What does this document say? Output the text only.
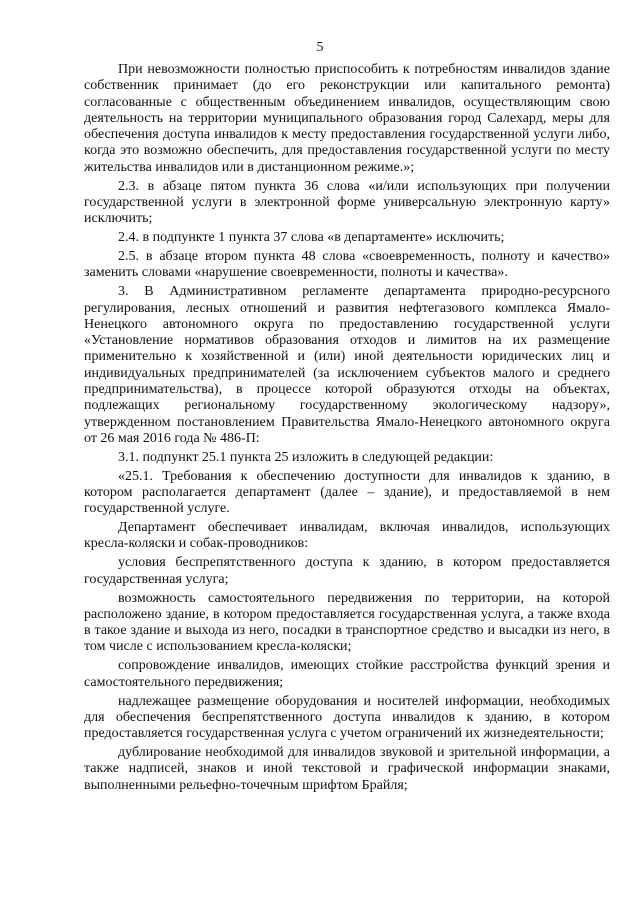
5

При невозможности полностью приспособить к потребностям инвалидов здание собственник принимает (до его реконструкции или капитального ремонта) согласованные с общественным объединением инвалидов, осуществляющим свою деятельность на территории муниципального образования город Салехард, меры для обеспечения доступа инвалидов к месту предоставления государственной услуги либо, когда это возможно обеспечить, для предоставления государственной услуги по месту жительства инвалидов или в дистанционном режиме.»;

2.3. в абзаце пятом пункта 36 слова «и/или использующих при получении государственной услуги в электронной форме универсальную электронную карту» исключить;

2.4. в подпункте 1 пункта 37 слова «в департаменте» исключить;

2.5. в абзаце втором пункта 48 слова «своевременность, полноту и качество» заменить словами «нарушение своевременности, полноты и качества».

3. В Административном регламенте департамента природно-ресурсного регулирования, лесных отношений и развития нефтегазового комплекса Ямало-Ненецкого автономного округа по предоставлению государственной услуги «Установление нормативов образования отходов и лимитов на их размещение применительно к хозяйственной и (или) иной деятельности юридических лиц и индивидуальных предпринимателей (за исключением субъектов малого и среднего предпринимательства), в процессе которой образуются отходы на объектах, подлежащих региональному государственному экологическому надзору», утвержденном постановлением Правительства Ямало-Ненецкого автономного округа от 26 мая 2016 года № 486-П:

3.1. подпункт 25.1 пункта 25 изложить в следующей редакции:

«25.1. Требования к обеспечению доступности для инвалидов к зданию, в котором располагается департамент (далее – здание), и предоставляемой в нем государственной услуге.

Департамент обеспечивает инвалидам, включая инвалидов, использующих кресла-коляски и собак-проводников:

условия беспрепятственного доступа к зданию, в котором предоставляется государственная услуга;

возможность самостоятельного передвижения по территории, на которой расположено здание, в котором предоставляется государственная услуга, а также входа в такое здание и выхода из него, посадки в транспортное средство и высадки из него, в том числе с использованием кресла-коляски;

сопровождение инвалидов, имеющих стойкие расстройства функций зрения и самостоятельного передвижения;

надлежащее размещение оборудования и носителей информации, необходимых для обеспечения беспрепятственного доступа инвалидов к зданию, в котором предоставляется государственная услуга с учетом ограничений их жизнедеятельности;

дублирование необходимой для инвалидов звуковой и зрительной информации, а также надписей, знаков и иной текстовой и графической информации знаками, выполненными рельефно-точечным шрифтом Брайля;
